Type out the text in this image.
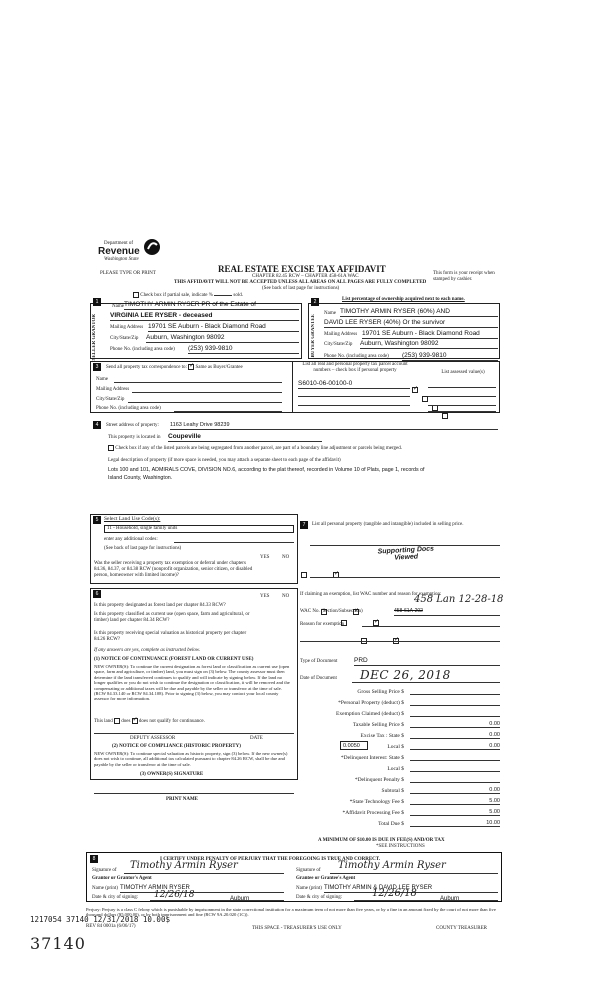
Department of
Revenue
Washington State
PLEASE TYPE OR PRINT	REAL ESTATE EXCISE TAX AFFIDAVIT
CHAPTER 82.45 RCW – CHAPTER 458-61A WAC
THIS AFFIDAVIT WILL NOT BE ACCEPTED UNLESS ALL AREAS ON ALL PAGES ARE FULLY COMPLETED
(See back of last page for instructions)
This form is your receipt when stamped by cashier.
Check box if partial sale, indicate %	sold.
List percentage of ownership acquired next to each name.
1
SELLER GRANTOR
Name TIMOTHY ARMIN RYSER PR of the Estate of
VIRGINIA LEE RYSER - deceased
Mailing Address 19701 SE Auburn - Black Diamond Road
City/State/Zip Auburn, Washington 98092
Phone No. (including area code) (253) 939-9810
2
BUYER GRANTEE
Name TIMOTHY ARMIN RYSER (60%) AND
DAVID LEE RYSER (40%) Or the survivor
Mailing Address 19701 SE Auburn - Black Diamond Road
City/State/Zip Auburn, Washington 98092
Phone No. (including area code) (253) 939-9810
3	Send all property tax correspondence to: ✓ Same as Buyer/Grantee
Name
Mailing Address
City/State/Zip
Phone No. (including area code)
List all real and personal property tax parcel account numbers – check box if personal property	List assessed value(s)
S6010-06-00100-0
✓

4	Street address of property: 1163 Leahy Drive 98239
This property is located in Coupeville
Check box if any of the listed parcels are being segregated from another parcel, are part of a boundary line adjustment or parcels being merged.
Legal description of property (if more space is needed, you may attach a separate sheet to each page of the affidavit)
Lots 100 and 101, ADMIRALS COVE, DIVISION NO.6, according to the plat thereof, recorded in Volume 10 of Plats, page 1, records of
Island County, Washington.
5	Select Land Use Code(s):
11 - Household, single family units
enter any additional codes:
(See back of last page for instructions)
YES	NO
Was the seller receiving a property tax exemption or deferral under chapters 84.36, 84.37, or 84.38 RCW (nonprofit organization, senior citizen, or disabled person, homeowner with limited income)?
✓
6	YES	NO
Is this property designated as forest land per chapter 84.33 RCW?
✓
Is this property classified as current use (open space, farm and agricultural, or timber) land per chapter 84.34 RCW?
✓
Is this property receiving special valuation as historical property per chapter 84.26 RCW?
✓
If any answers are yes, complete as instructed below.
(1) NOTICE OF CONTINUANCE (FOREST LAND OR CURRENT USE)
NEW OWNER(S): To continue the current designation as forest land or classification as current use (open space, farm and agriculture, or timber) land, you must sign on (3) below. The county assessor must then determine if the land transferred continues to qualify and will indicate by signing below. If the land no longer qualifies or you do not wish to continue the designation or classification, it will be removed and the compensating or additional taxes will be due and payable by the seller or transferor at the time of sale. (RCW 84.33.140 or RCW 84.34.108). Prior to signing (3) below, you may contact your local county assessor for more information.
This land does ✓ does not qualify for continuance.
DEPUTY ASSESSOR	DATE
(2) NOTICE OF COMPLIANCE (HISTORIC PROPERTY)
NEW OWNER(S): To continue special valuation as historic property, sign (3) below. If the new owner(s) does not wish to continue, all additional tax calculated pursuant to chapter 84.26 RCW, shall be due and payable by the seller or transferor at the time of sale.
(3) OWNER(S) SIGNATURE
PRINT NAME
7	List all personal property (tangible and intangible) included in selling price.
Supporting Docs Viewed
If claiming an exemption, list WAC number and reason for exemption:
458 Lan 12-28-18
WAC No. (Section/Subsection)	458-61A-202
Reason for exemption
Type of Document	PRD
Date of Document DEC 26, 2018
Gross Selling Price $

*Personal Property (deduct) $

Exemption Claimed (deduct) $

Taxable Selling Price $	0.00
Excise Tax : State $	0.00
Local $	0.00
*Delinquent Interest: State $

Local $

*Delinquent Penalty $

Subtotal $	0.00
*State Technology Fee $	5.00
*Affidavit Processing Fee $	5.00
Total Due $	10.00
0.0050
A MINIMUM OF $10.00 IS DUE IN FEE(S) AND/OR TAX
*SEE INSTRUCTIONS
8	I CERTIFY UNDER PENALTY OF PERJURY THAT THE FOREGOING IS TRUE AND CORRECT.
Signature of Timothy Armin Ryser
Grantor or Grantor's Agent
Name (print) TIMOTHY ARMIN RYSER
Date & city of signing: 12/26/18	Auburn
Signature of Timothy Armin Ryser
Grantee or Grantee's Agent
Name (print) TIMOTHY ARMIN & DAVID LEE RYSER
Date & city of signing:	12/26/18	Auburn
Perjury: Perjury is a class C felony which is punishable by imprisonment in the state correctional institution for a maximum term of not more than five years, or by a fine in an amount fixed by the court of not more than five thousand dollars ($5,000.00), or by both imprisonment and fine (RCW 9A.20.020 (1C)).
REV 84 0001a (6/06/17)
1217054 37140 12/31/2018 10.00$
THIS SPACE - TREASURER'S USE ONLY	COUNTY TREASURER
37140
